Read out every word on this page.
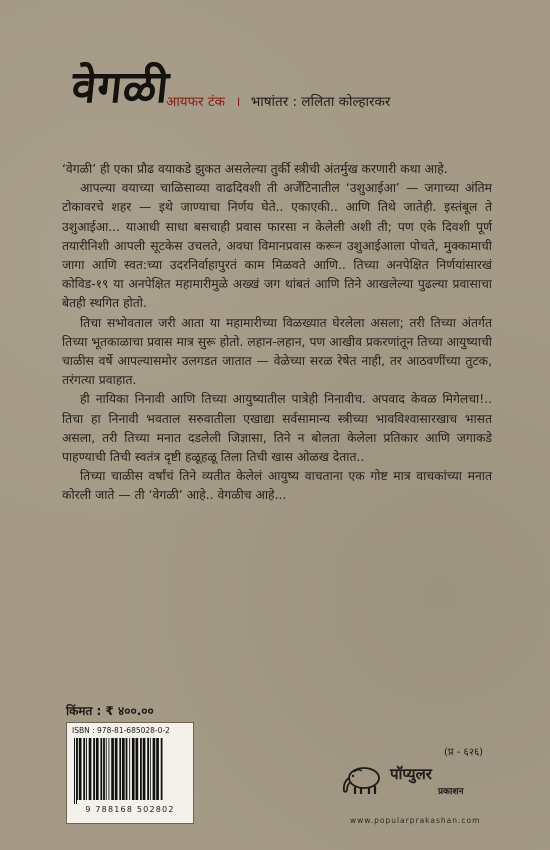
वेगळी
आयफर टंक । भाषांतर : ललिता कोल्हारकर

‘वेगळी’ ही एका प्रौढ वयाकडे झुकत असलेल्या तुर्की स्त्रीची अंतर्मुख करणारी कथा आहे.

आपल्या वयाच्या चाळिसाव्या वाढदिवशी ती अर्जेंटिनातील ‘उशुआईआ’ — जगाच्या अंतिम टोकावरचे शहर — इथे जाण्याचा निर्णय घेते.. एकाएकी.. आणि तिथे जातेही. इस्तंबूल ते उशुआईआ... याआधी साधा बसचाही प्रवास फारसा न केलेली अशी ती; पण एके दिवशी पूर्ण तयारीनिशी आपली सूटकेस उचलते, अवघा विमानप्रवास करून उशुआईआला पोचते, मुक्कामाची जागा आणि स्वत:च्या उदरनिर्वाहापुरतं काम मिळवते आणि.. तिच्या अनपेक्षित निर्णयांसारखं कोविड-१९ या अनपेक्षित महामारीमुळे अख्खं जग थांबतं आणि तिने आखलेल्या पुढल्या प्रवासाचा बेतही स्थगित होतो.

तिचा सभोवताल जरी आता या महामारीच्या विळख्यात घेरलेला असला; तरी तिच्या अंतर्गत तिच्या भूतकाळाचा प्रवास मात्र सुरू होतो. लहान-लहान, पण आखीव प्रकरणांतून तिच्या आयुष्याची चाळीस वर्षे आपल्यासमोर उलगडत जातात — वेळेच्या सरळ रेषेत नाही, तर आठवणींच्या तुटक, तरंगत्या प्रवाहात.

ही नायिका निनावी आणि तिच्या आयुष्यातील पात्रेही निनावीच. अपवाद केवळ मिगेलचा!.. तिचा हा निनावी भवताल सरुवातीला एखाद्या सर्वसामान्य स्त्रीच्या भावविश्वासारखाच भासत असला, तरी तिच्या मनात दडलेली जिज्ञासा, तिने न बोलता केलेला प्रतिकार आणि जगाकडे पाहण्याची तिची स्वतंत्र दृष्टी हळूहळू तिला तिची खास ओळख देतात..

तिच्या चाळीस वर्षांचं तिने व्यतीत केलेलं आयुष्य वाचताना एक गोष्ट मात्र वाचकांच्या मनात कोरली जाते — ती ‘वेगळी’ आहे.. वेगळीच आहे...

किंमत : ₹ ४००.००
ISBN : 978-81-685028-0-2
9 788168 502802
(प्र - ६२६)
पॉप्युलर
प्रकाशन
www.popularprakashan.com
